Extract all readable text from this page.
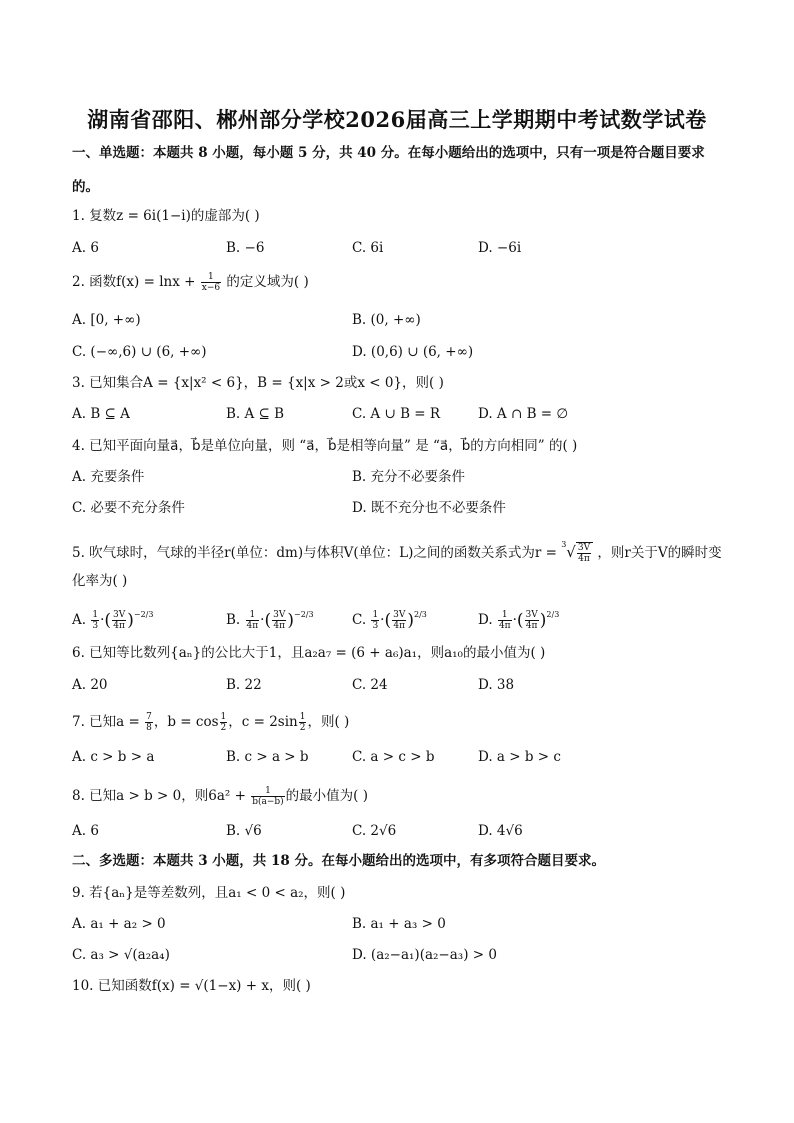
湖南省邵阳、郴州部分学校2026届高三上学期期中考试数学试卷
一、单选题：本题共 8 小题，每小题 5 分，共 40 分。在每小题给出的选项中，只有一项是符合题目要求
的。
1. 复数z = 6i(1−i)的虚部为( )
A. 6	B. −6	C. 6i	D. −6i
2. 函数$f(x) = \ln x + \frac{1}{x-6}$ 的定义域为( )
A. [0, +∞)	B. (0, +∞)
C. (−∞,6) ∪ (6, +∞)	D. (0,6) ∪ (6, +∞)
3. 已知集合A = {x|x² < 6}，B = {x|x > 2或x < 0}，则( )
A. B ⊆ A	B. A ⊆ B	C. A ∪ B = R	D. A ∩ B = ∅
4. 已知平面向量a⃗，b⃗是单位向量，则 “a⃗，b⃗是相等向量” 是 “a⃗，b⃗的方向相同” 的( )
A. 充要条件	B. 充分不必要条件
C. 必要不充分条件	D. 既不充分也不必要条件
5. 吹气球时，气球的半径r(单位：dm)与体积V(单位：L)之间的函数关系式为$r = ^3√ \frac{3V}{4\pi}$ ，则r关于V的瞬时变
化率为( )
A. $\frac{1}{3}$ ·( $\frac{3V}{4\pi} )^{-2/3}$	B. $\frac{1}{4\pi}$ ·( $\frac{3V}{4\pi} )^{-2/3}$	C. $\frac{1}{3}$ ·( $\frac{3V}{4\pi} )^{2/3}$	D. $\frac{1}{4\pi}$ ·( $\frac{3V}{4\pi} )^{2/3}$
6. 已知等比数列{aₙ}的公比大于1，且a₂a₇ = (6 + a₆)a₁，则a₁₀的最小值为( )
A. 20	B. 22	C. 24	D. 38
7. 已知$a = \frac{7}{8}$ ，$b = \cos \frac{1}{2}$ ，$c = 2\sin \frac{1}{2}$ ，则( )
A. c > b > a	B. c > a > b	C. a > c > b	D. a > b > c
8. 已知a > b > 0，则$6a^2 + \frac{1}{b(a-b)}$ 的最小值为( )
A. 6	B. √6	C. 2√6	D. 4√6
二、多选题：本题共 3 小题，共 18 分。在每小题给出的选项中，有多项符合题目要求。
9. 若{aₙ}是等差数列，且a₁ < 0 < a₂，则( )
A. a₁ + a₂ > 0	B. a₁ + a₃ > 0
C. a₃ > √(a₂a₄)	D. (a₂−a₁)(a₂−a₃) > 0
10. 已知函数f(x) = √(1−x) + x，则( )
